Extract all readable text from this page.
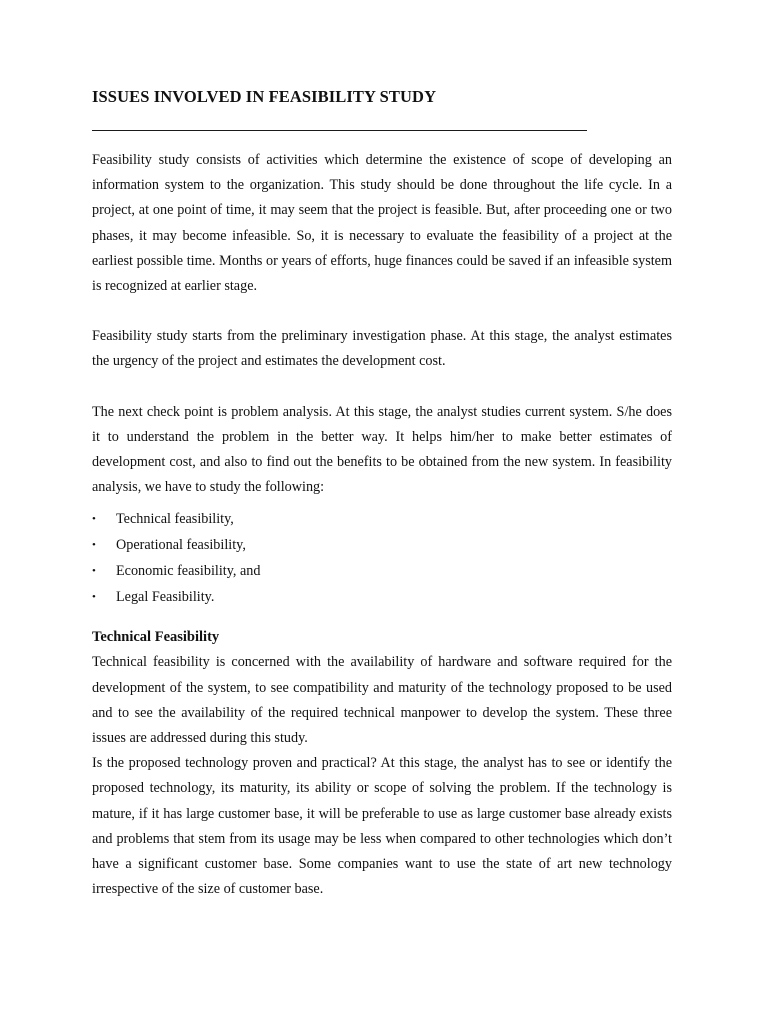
ISSUES INVOLVED IN FEASIBILITY STUDY

Feasibility study consists of activities which determine the existence of scope of developing an information system to the organization. This study should be done throughout the life cycle. In a project, at one point of time, it may seem that the project is feasible. But, after proceeding one or two phases, it may become infeasible. So, it is necessary to evaluate the feasibility of a project at the earliest possible time. Months or years of efforts, huge finances could be saved if an infeasible system is recognized at earlier stage.

Feasibility study starts from the preliminary investigation phase. At this stage, the analyst estimates the urgency of the project and estimates the development cost.

The next check point is problem analysis. At this stage, the analyst studies current system. S/he does it to understand the problem in the better way. It helps him/her to make better estimates of development cost, and also to find out the benefits to be obtained from the new system. In feasibility analysis, we have to study the following:

• Technical feasibility,
• Operational feasibility,
• Economic feasibility, and
• Legal Feasibility.
Technical Feasibility

Technical feasibility is concerned with the availability of hardware and software required for the development of the system, to see compatibility and maturity of the technology proposed to be used and to see the availability of the required technical manpower to develop the system. These three issues are addressed during this study.

Is the proposed technology proven and practical? At this stage, the analyst has to see or identify the proposed technology, its maturity, its ability or scope of solving the problem. If the technology is mature, if it has large customer base, it will be preferable to use as large customer base already exists and problems that stem from its usage may be less when compared to other technologies which don’t have a significant customer base. Some companies want to use the state of art new technology irrespective of the size of customer base.
